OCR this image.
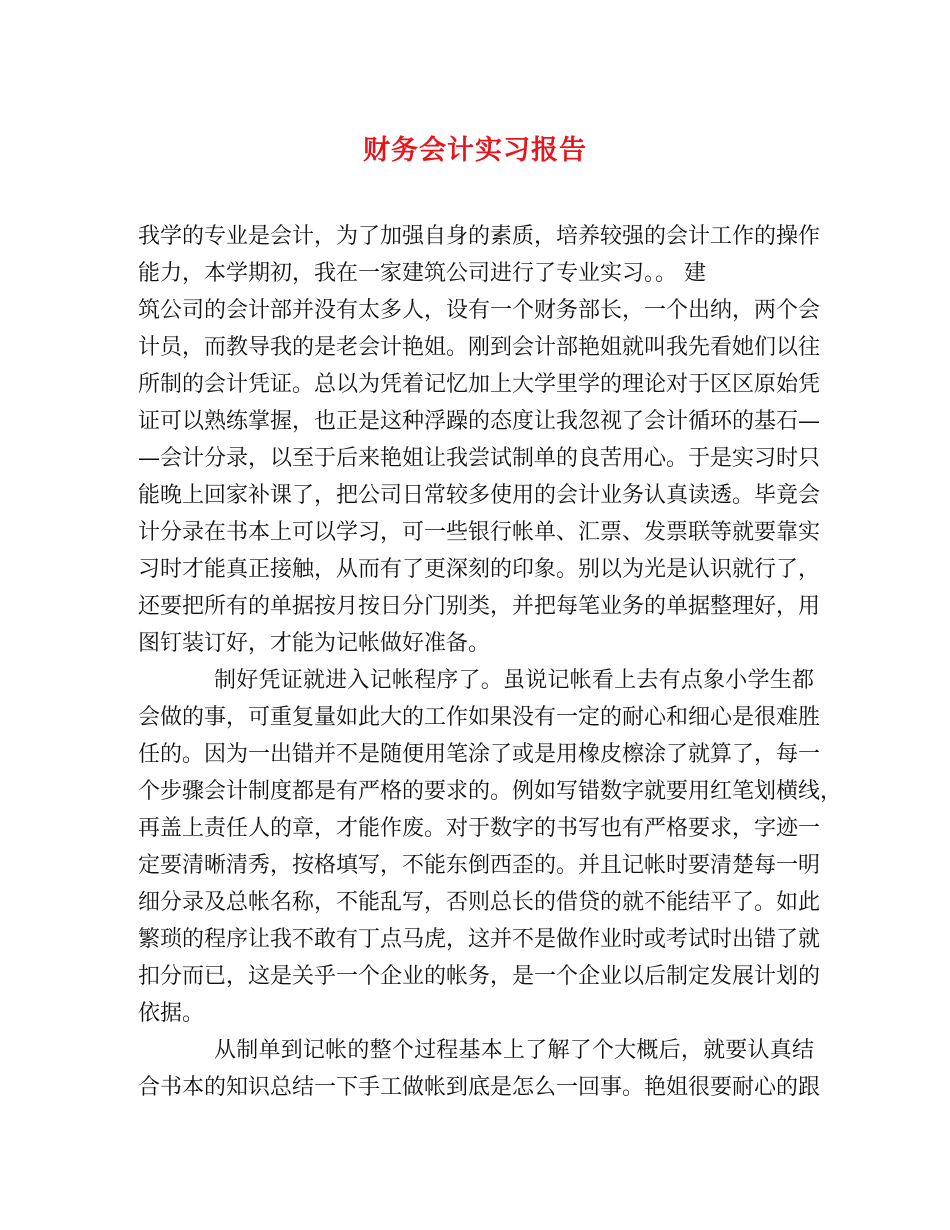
财务会计实习报告
我学的专业是会计，为了加强自身的素质，培养较强的会计工作的操作
能力，本学期初，我在一家建筑公司进行了专业实习。。 建
筑公司的会计部并没有太多人，设有一个财务部长，一个出纳，两个会
计员，而教导我的是老会计艳姐。刚到会计部艳姐就叫我先看她们以往
所制的会计凭证。总以为凭着记忆加上大学里学的理论对于区区原始凭
证可以熟练掌握，也正是这种浮躁的态度让我忽视了会计循环的基石—
—会计分录，以至于后来艳姐让我尝试制单的良苦用心。于是实习时只
能晚上回家补课了，把公司日常较多使用的会计业务认真读透。毕竟会
计分录在书本上可以学习，可一些银行帐单、汇票、发票联等就要靠实
习时才能真正接触，从而有了更深刻的印象。别以为光是认识就行了，
还要把所有的单据按月按日分门别类，并把每笔业务的单据整理好，用
图钉装订好，才能为记帐做好准备。
制好凭证就进入记帐程序了。虽说记帐看上去有点象小学生都
会做的事，可重复量如此大的工作如果没有一定的耐心和细心是很难胜
任的。因为一出错并不是随便用笔涂了或是用橡皮檫涂了就算了，每一
个步骤会计制度都是有严格的要求的。例如写错数字就要用红笔划横线，
再盖上责任人的章，才能作废。对于数字的书写也有严格要求，字迹一
定要清晰清秀，按格填写，不能东倒西歪的。并且记帐时要清楚每一明
细分录及总帐名称，不能乱写，否则总长的借贷的就不能结平了。如此
繁琐的程序让我不敢有丁点马虎，这并不是做作业时或考试时出错了就
扣分而已，这是关乎一个企业的帐务，是一个企业以后制定发展计划的
依据。
从制单到记帐的整个过程基本上了解了个大概后，就要认真结
合书本的知识总结一下手工做帐到底是怎么一回事。艳姐很要耐心的跟
